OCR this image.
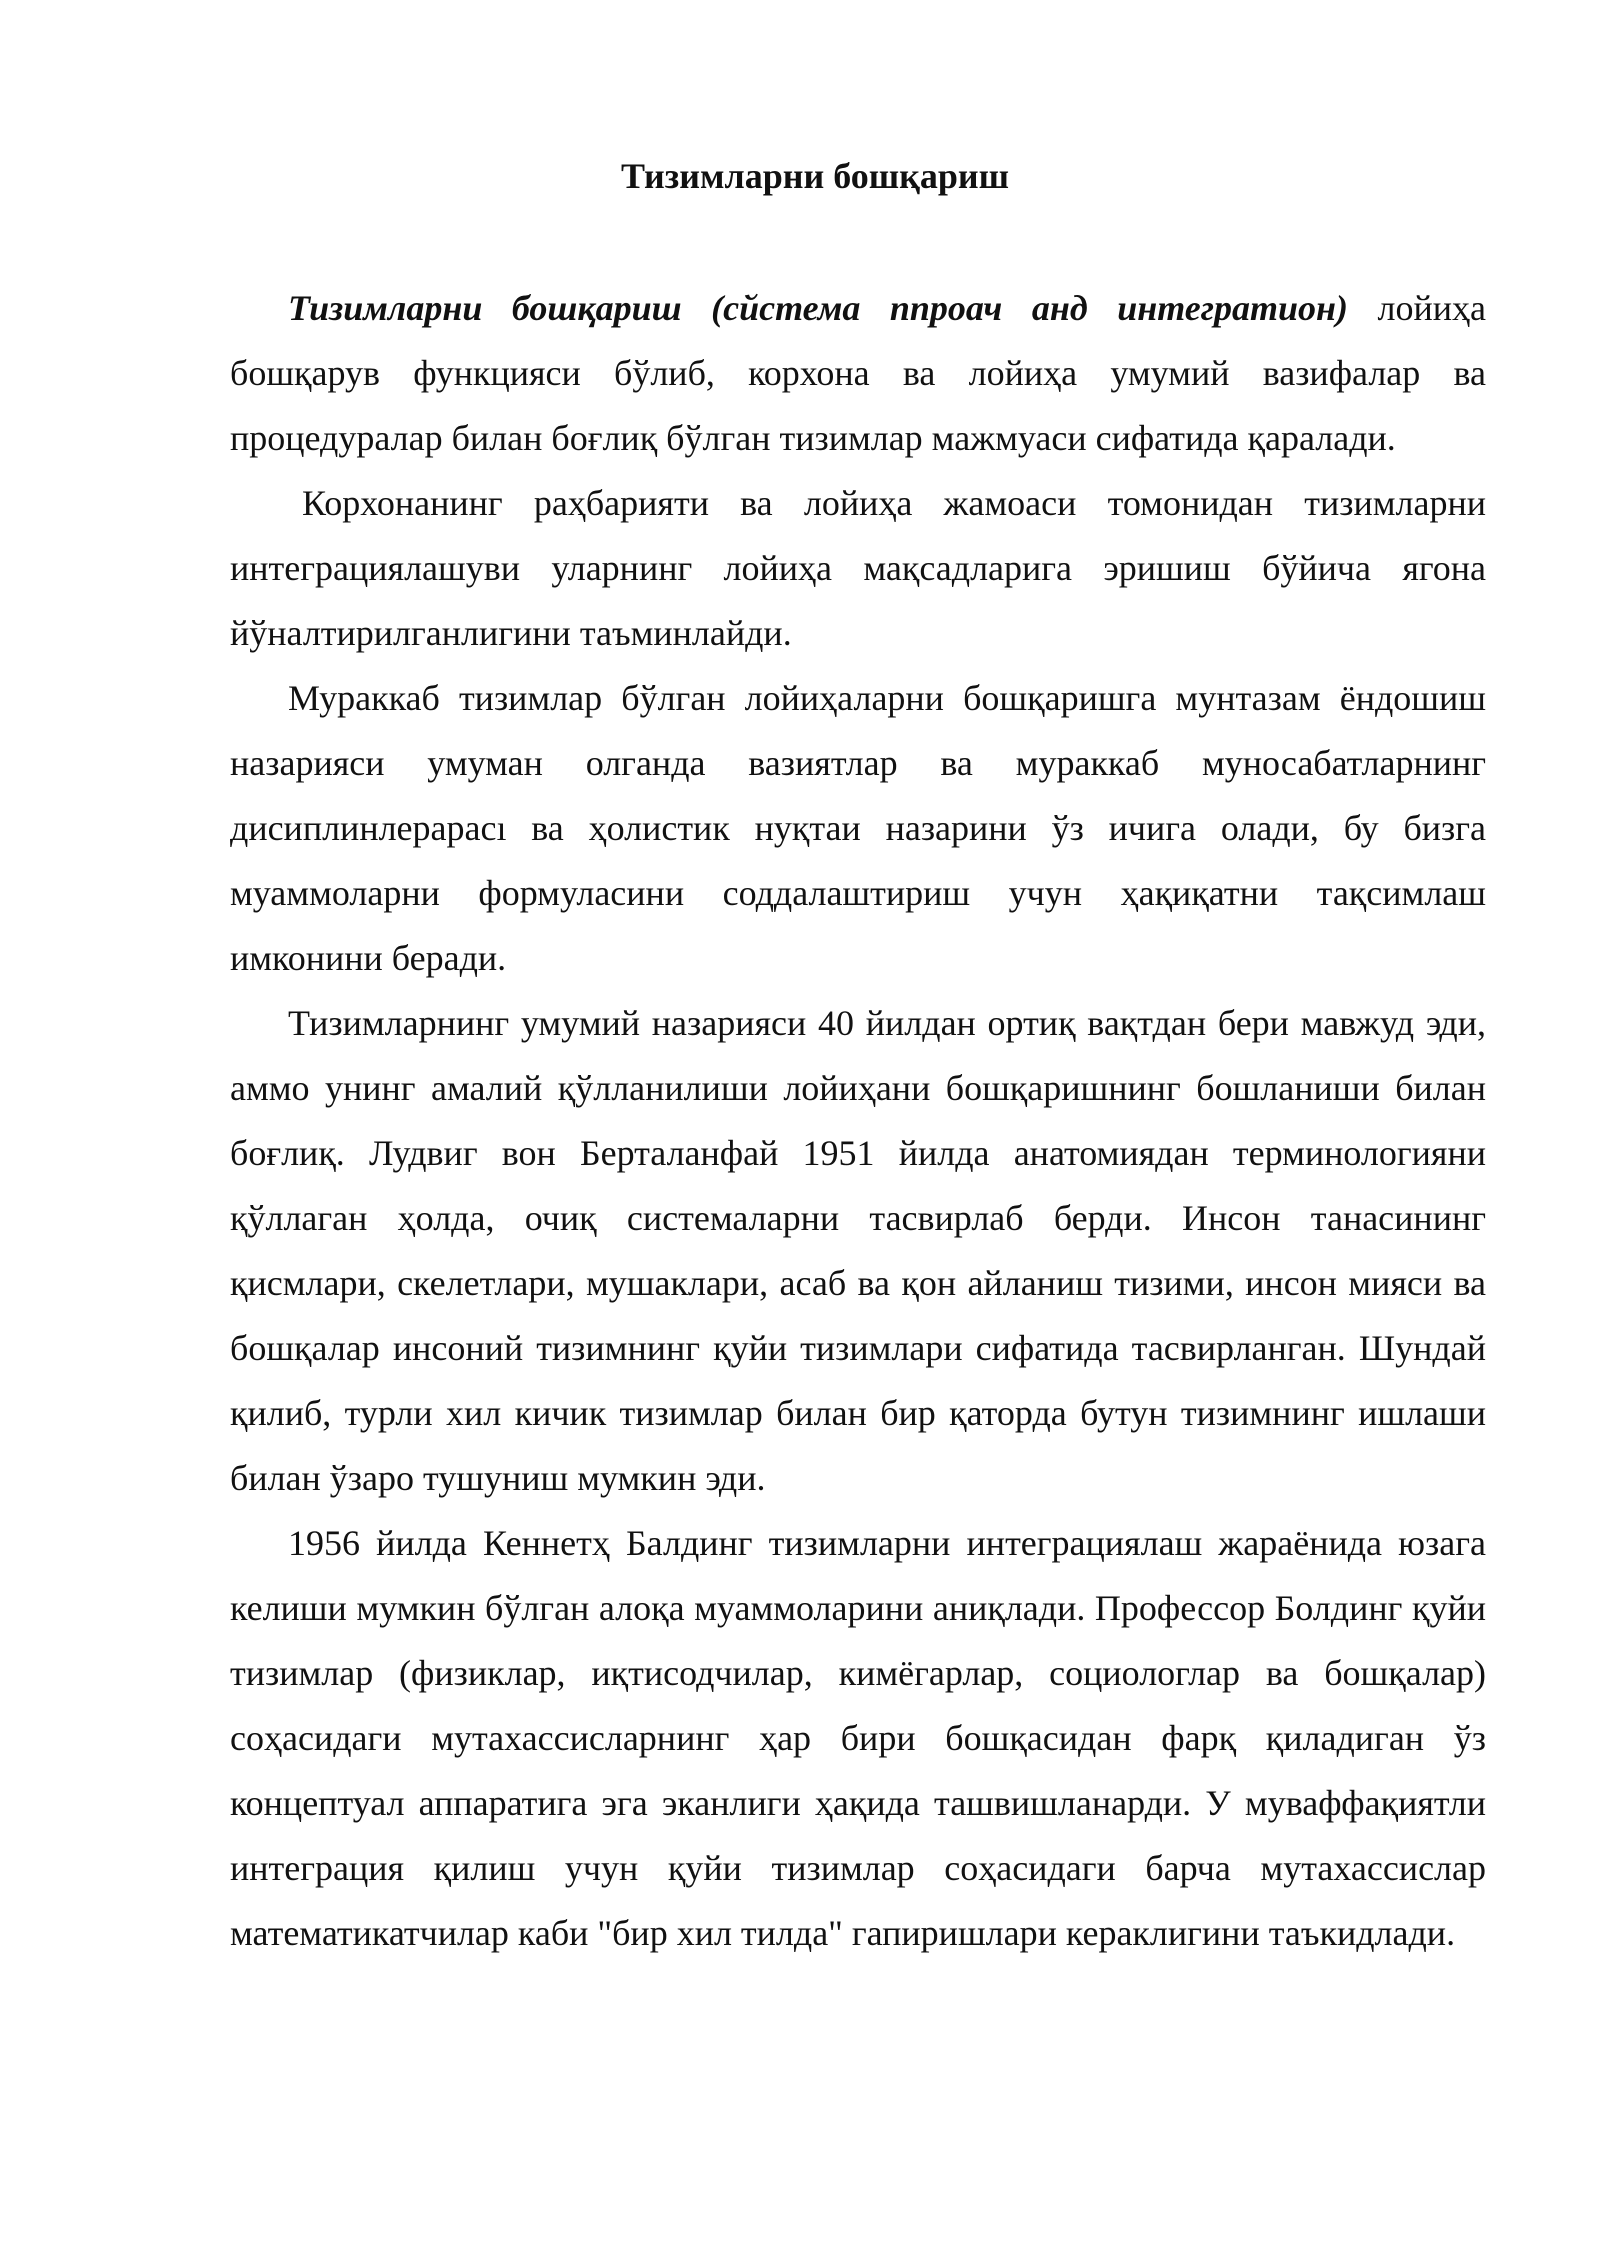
Тизимларни бошқариш

Тизимларни бошқариш (сйстема ппроач анд интегратион) лойиҳа бошқарув функцияси бўлиб, корхона ва лойиҳа умумий вазифалар ва процедуралар билан боғлиқ бўлган тизимлар мажмуаси сифатида қаралади.

Корхонанинг раҳбарияти ва лойиҳа жамоаси томонидан тизимларни интеграциялашуви уларнинг лойиҳа мақсадларига эришиш бўйича ягона йўналтирилганлигини таъминлайди.

Мураккаб тизимлар бўлган лойиҳаларни бошқаришга мунтазам ёндошиш назарияси умуман олганда вазиятлар ва мураккаб муносабатларнинг дисиплинлерарасı ва ҳолистик нуқтаи назарини ўз ичига олади, бу бизга муаммоларни формуласини соддалаштириш учун ҳақиқатни тақсимлаш имконини беради.

Тизимларнинг умумий назарияси 40 йилдан ортиқ вақтдан бери мавжуд эди, аммо унинг амалий қўлланилиши лойиҳани бошқаришнинг бошланиши билан боғлиқ. Лудвиг вон Берталанфай 1951 йилда анатомиядан терминологияни қўллаган ҳолда, очиқ системаларни тасвирлаб берди. Инсон танасининг қисмлари, скелетлари, мушаклари, асаб ва қон айланиш тизими, инсон мияси ва бошқалар инсоний тизимнинг қуйи тизимлари сифатида тасвирланган. Шундай қилиб, турли хил кичик тизимлар билан бир қаторда бутун тизимнинг ишлаши билан ўзаро тушуниш мумкин эди.

1956 йилда Кеннетҳ Балдинг тизимларни интеграциялаш жараёнида юзага келиши мумкин бўлган алоқа муаммоларини аниқлади. Профессор Болдинг қуйи тизимлар (физиклар, иқтисодчилар, кимёгарлар, социологлар ва бошқалар) соҳасидаги мутахассисларнинг ҳар бири бошқасидан фарқ қиладиган ўз концептуал аппаратига эга эканлиги ҳақида ташвишланарди. У муваффақиятли интеграция қилиш учун қуйи тизимлар соҳасидаги барча мутахассислар математикатчилар каби "бир хил тилда" гапиришлари кераклигини таъкидлади.
